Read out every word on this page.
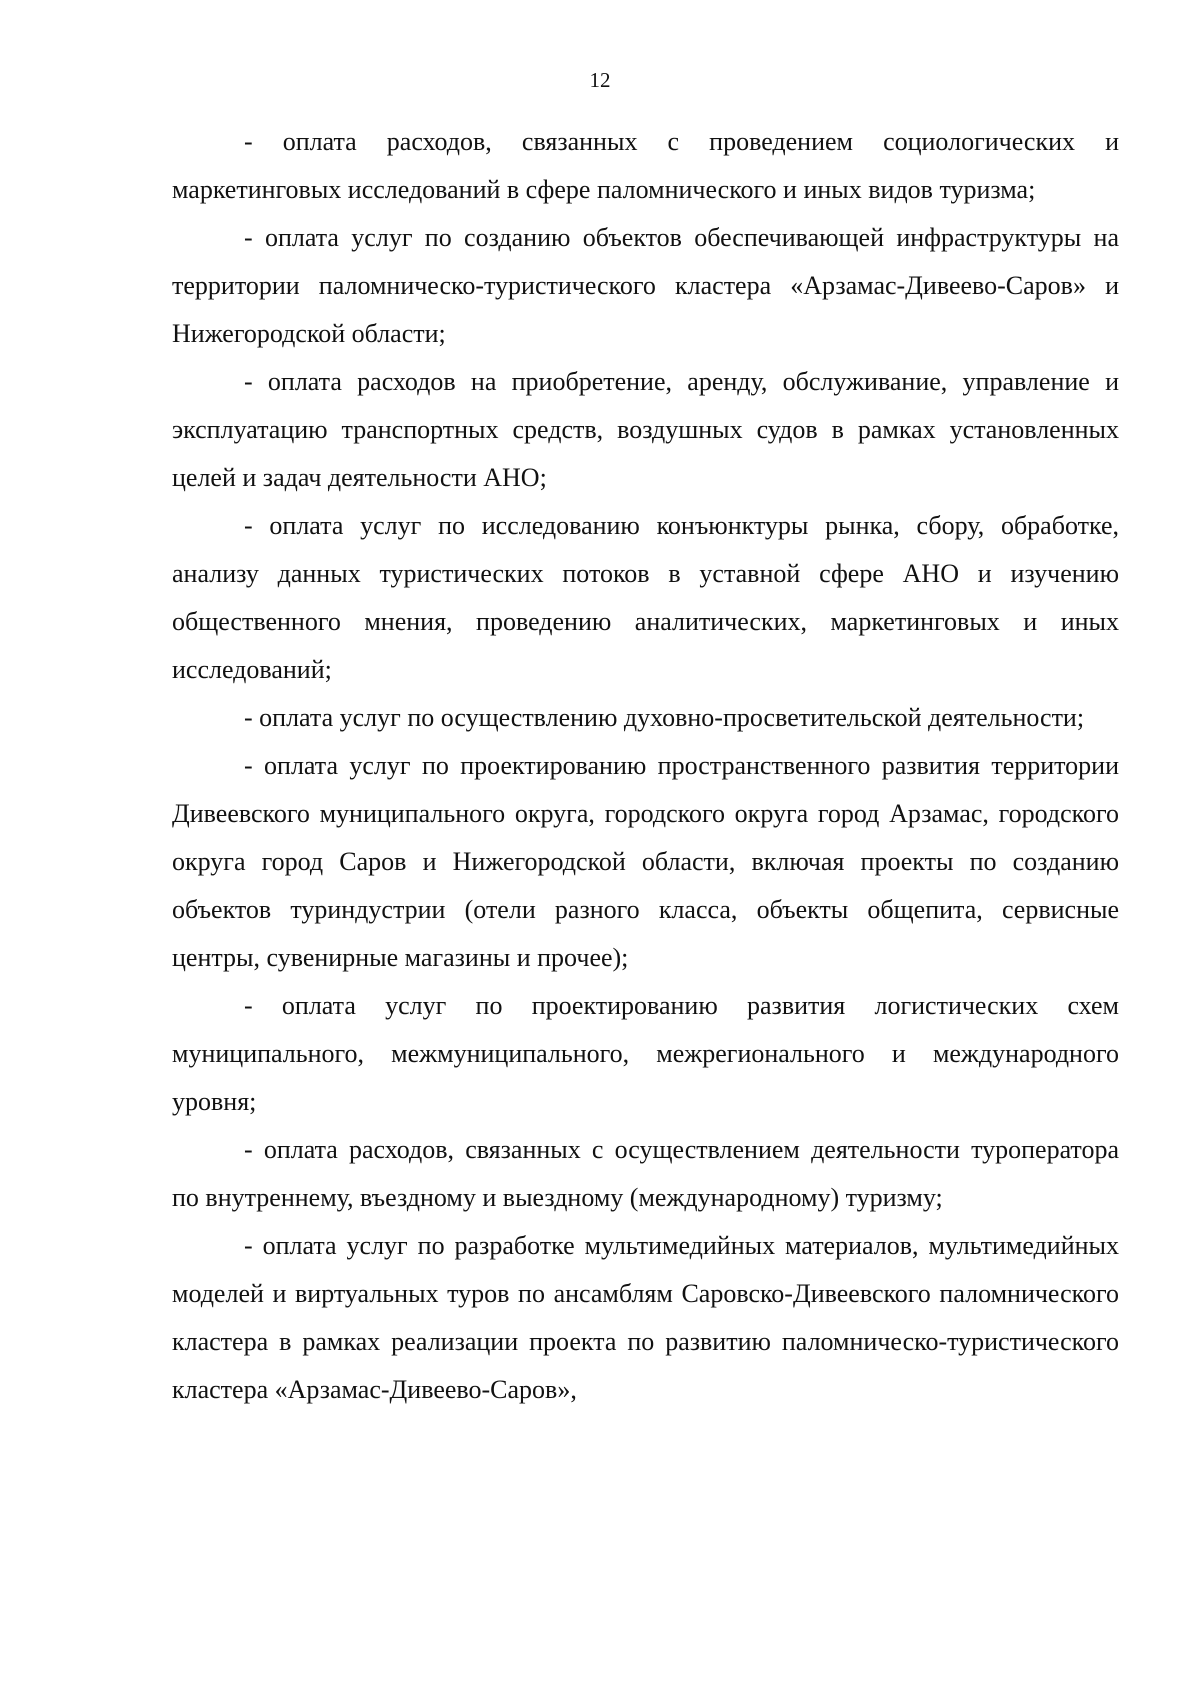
12

- оплата расходов, связанных с проведением социологических и маркетинговых исследований в сфере паломнического и иных видов туризма;

- оплата услуг по созданию объектов обеспечивающей инфраструктуры на территории паломническо-туристического кластера «Арзамас-Дивеево-Саров» и Нижегородской области;

- оплата расходов на приобретение, аренду, обслуживание, управление и эксплуатацию транспортных средств, воздушных судов в рамках установленных целей и задач деятельности АНО;

- оплата услуг по исследованию конъюнктуры рынка, сбору, обработке, анализу данных туристических потоков в уставной сфере АНО и изучению общественного мнения, проведению аналитических, маркетинговых и иных исследований;

- оплата услуг по осуществлению духовно-просветительской деятельности;

- оплата услуг по проектированию пространственного развития территории Дивеевского муниципального округа, городского округа город Арзамас, городского округа город Саров и Нижегородской области, включая проекты по созданию объектов туриндустрии (отели разного класса, объекты общепита, сервисные центры, сувенирные магазины и прочее);

- оплата услуг по проектированию развития логистических схем муниципального, межмуниципального, межрегионального и международного уровня;

- оплата расходов, связанных с осуществлением деятельности туроператора по внутреннему, въездному и выездному (международному) туризму;

- оплата услуг по разработке мультимедийных материалов, мультимедийных моделей и виртуальных туров по ансамблям Саровско-Дивеевского паломнического кластера в рамках реализации проекта по развитию паломническо-туристического кластера «Арзамас-Дивеево-Саров»,
